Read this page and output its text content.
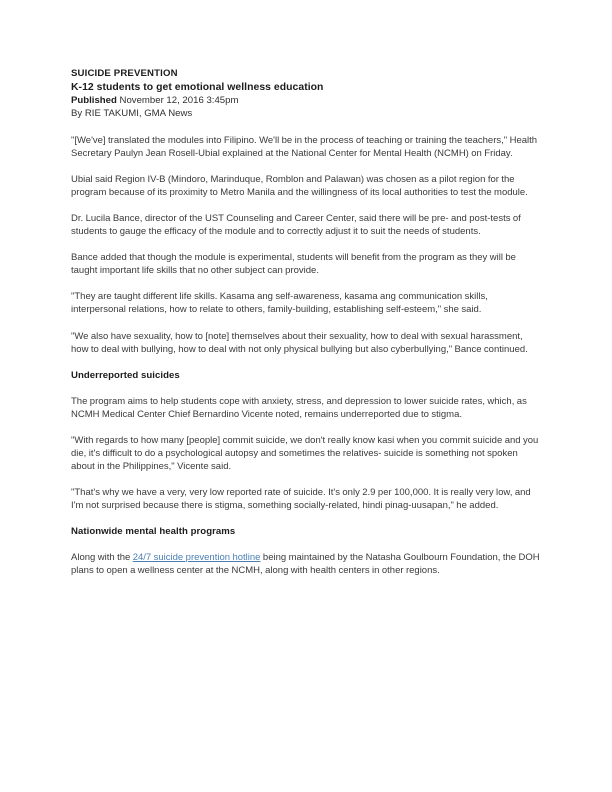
SUICIDE PREVENTION
K-12 students to get emotional wellness education
Published November 12, 2016 3:45pm
By RIE TAKUMI, GMA News

"[We've] translated the modules into Filipino. We'll be in the process of teaching or training the teachers," Health Secretary Paulyn Jean Rosell-Ubial explained at the National Center for Mental Health (NCMH) on Friday.

Ubial said Region IV-B (Mindoro, Marinduque, Romblon and Palawan) was chosen as a pilot region for the program because of its proximity to Metro Manila and the willingness of its local authorities to test the module.

Dr. Lucila Bance, director of the UST Counseling and Career Center, said there will be pre- and post-tests of students to gauge the efficacy of the module and to correctly adjust it to suit the needs of students.

Bance added that though the module is experimental, students will benefit from the program as they will be taught important life skills that no other subject can provide.

"They are taught different life skills. Kasama ang self-awareness, kasama ang communication skills, interpersonal relations, how to relate to others, family-building, establishing self-esteem," she said.

"We also have sexuality, how to [note] themselves about their sexuality, how to deal with sexual harassment, how to deal with bullying, how to deal with not only physical bullying but also cyberbullying," Bance continued.

Underreported suicides

The program aims to help students cope with anxiety, stress, and depression to lower suicide rates, which, as NCMH Medical Center Chief Bernardino Vicente noted, remains underreported due to stigma.

"With regards to how many [people] commit suicide, we don't really know kasi when you commit suicide and you die, it's difficult to do a psychological autopsy and sometimes the relatives- suicide is something not spoken about in the Philippines," Vicente said.

"That's why we have a very, very low reported rate of suicide. It's only 2.9 per 100,000. It is really very low, and I'm not surprised because there is stigma, something socially-related, hindi pinag-uusapan," he added.

Nationwide mental health programs

Along with the 24/7 suicide prevention hotline being maintained by the Natasha Goulbourn Foundation, the DOH plans to open a wellness center at the NCMH, along with health centers in other regions.
